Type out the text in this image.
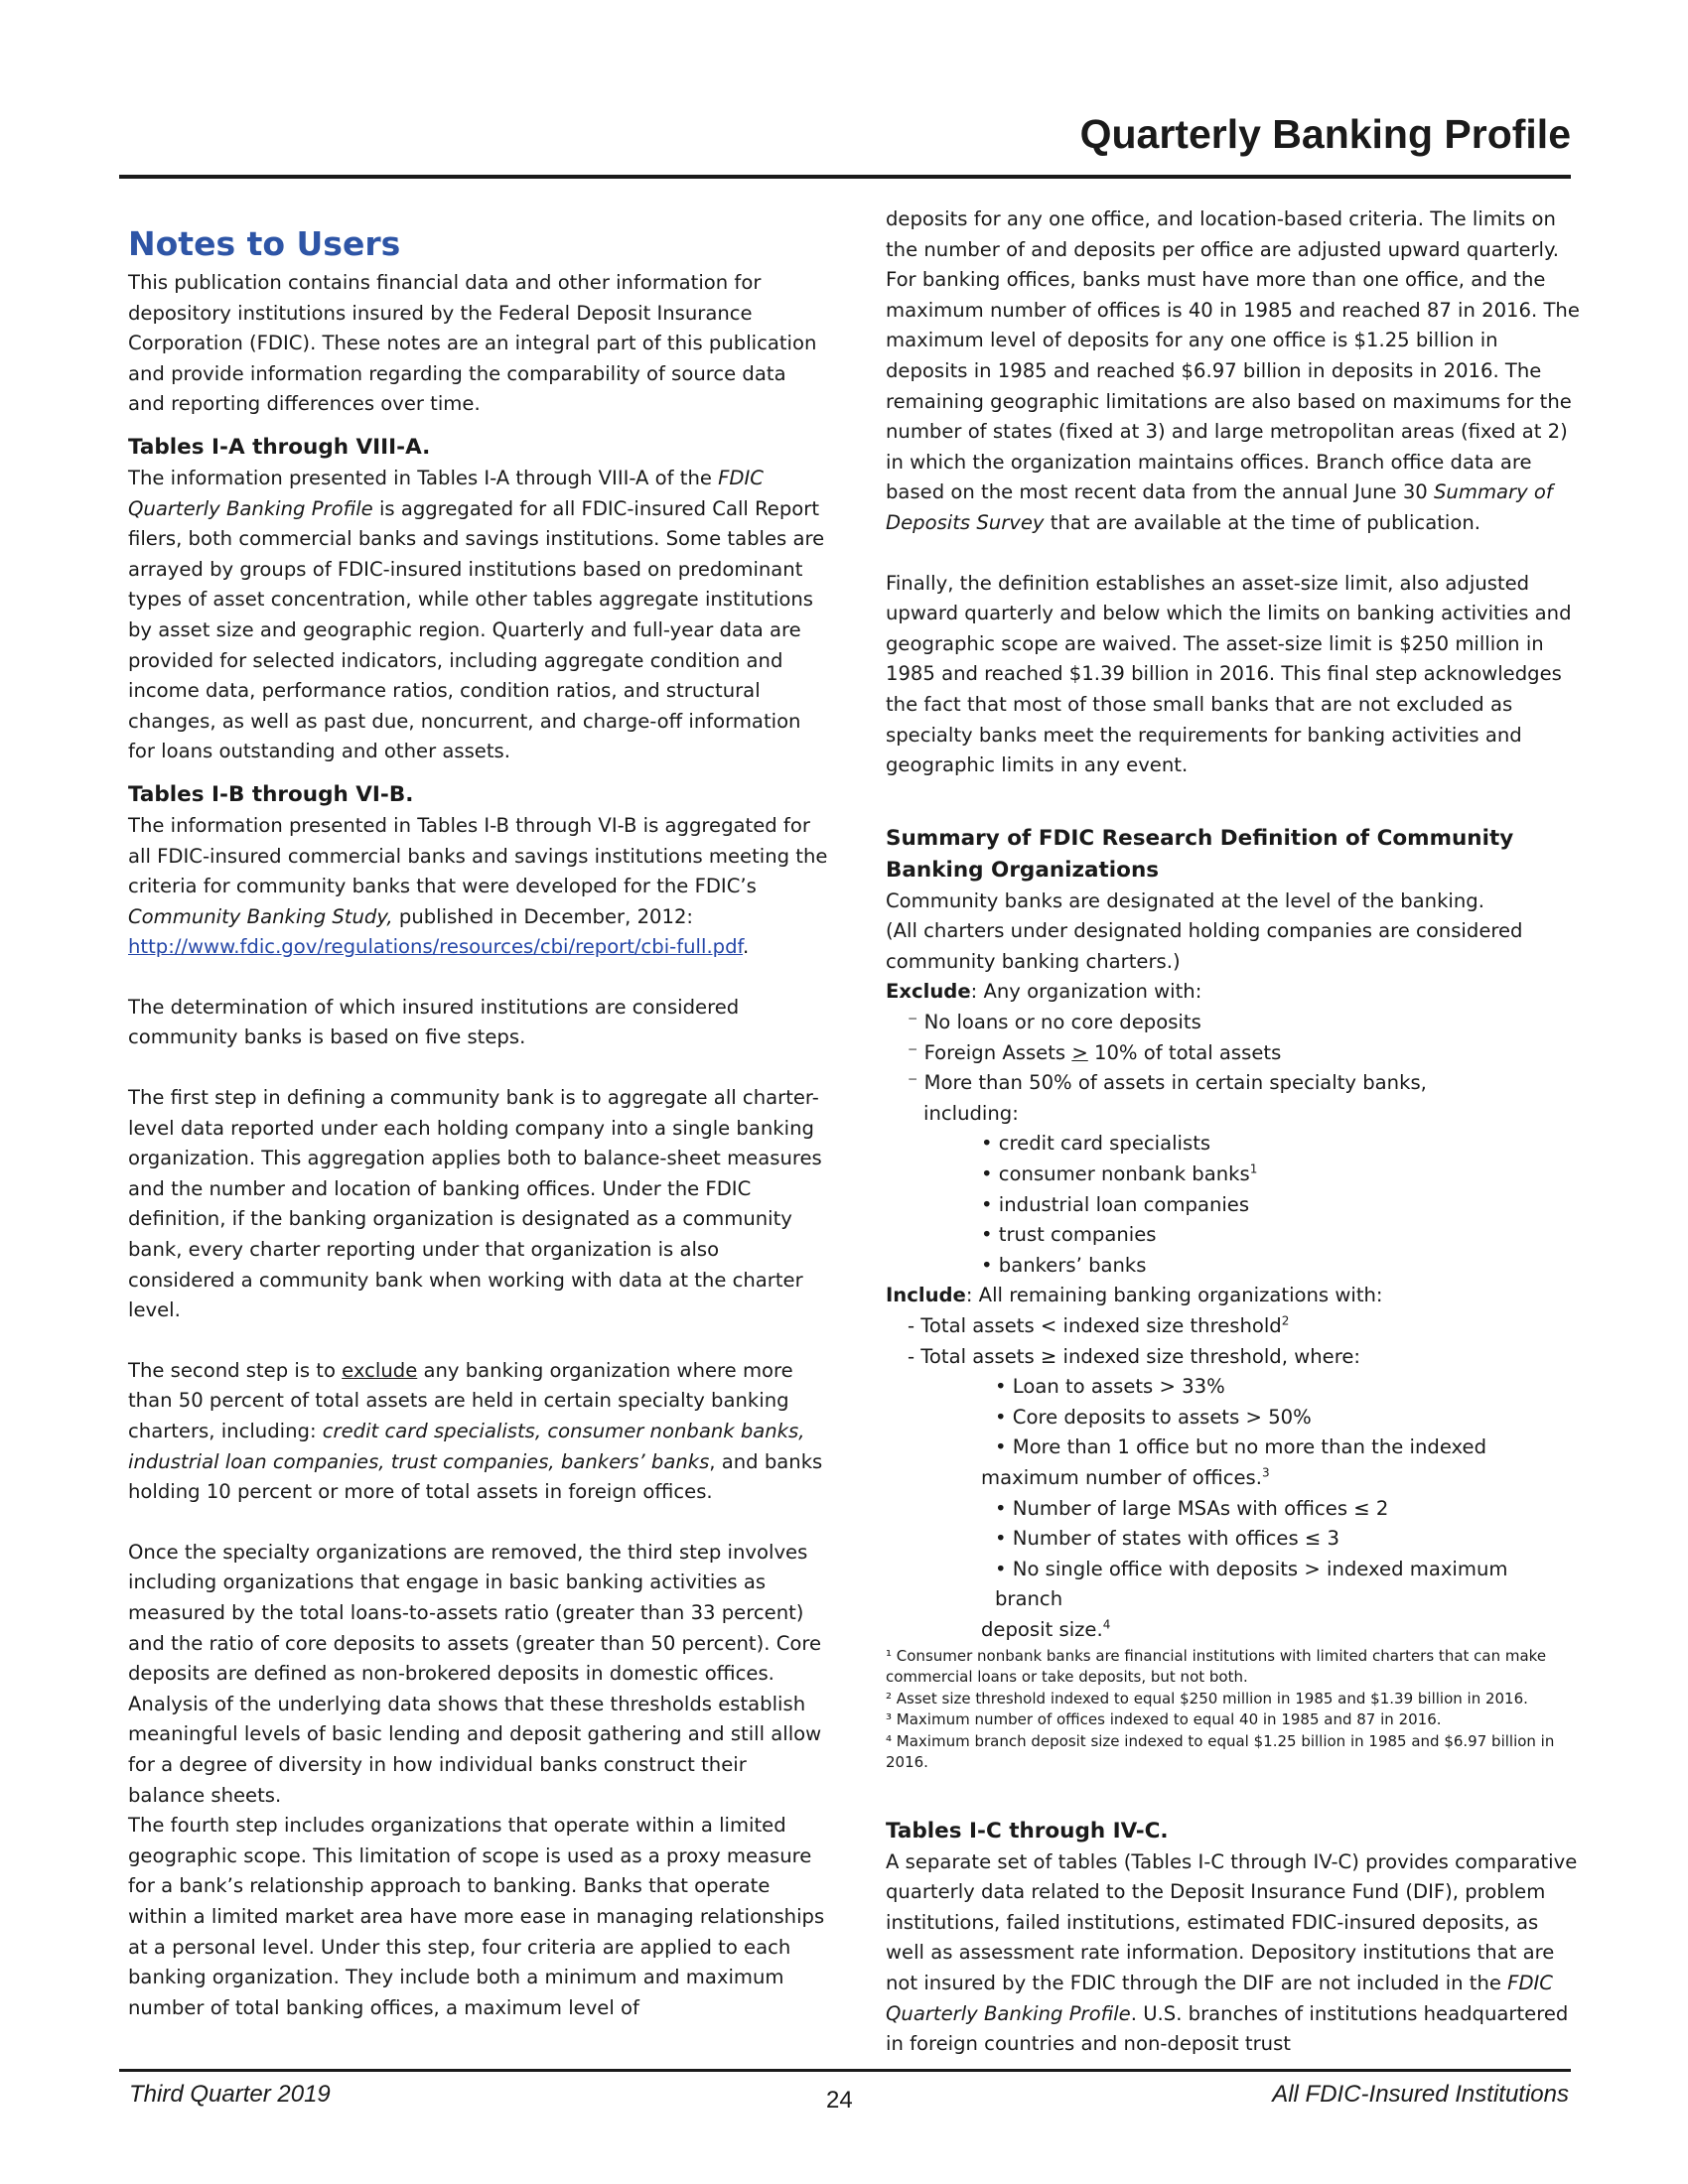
Quarterly Banking Profile
Notes to Users

This publication contains financial data and other information for depository institutions insured by the Federal Deposit Insurance Corporation (FDIC). These notes are an integral part of this publication and provide information regarding the comparability of source data and reporting differences over time.

Tables I-A through VIII-A.

The information presented in Tables I-A through VIII-A of the FDIC Quarterly Banking Profile is aggregated for all FDIC-insured Call Report filers, both commercial banks and savings institutions. Some tables are arrayed by groups of FDIC-insured institutions based on predominant types of asset concentration, while other tables aggregate institutions by asset size and geographic region. Quarterly and full-year data are provided for selected indicators, including aggregate condition and income data, performance ratios, condition ratios, and structural changes, as well as past due, noncurrent, and charge-off information for loans outstanding and other assets.

Tables I-B through VI-B.

The information presented in Tables I-B through VI-B is aggregated for all FDIC-insured commercial banks and savings institutions meeting the criteria for community banks that were developed for the FDIC’s Community Banking Study, published in December, 2012:
http://www.fdic.gov/regulations/resources/cbi/report/cbi-full.pdf.

The determination of which insured institutions are considered community banks is based on five steps.

The first step in defining a community bank is to aggregate all charter-level data reported under each holding company into a single banking organization. This aggregation applies both to balance-sheet measures and the number and location of banking offices. Under the FDIC definition, if the banking organization is designated as a community bank, every charter reporting under that organization is also considered a community bank when working with data at the charter level.

The second step is to exclude any banking organization where more than 50 percent of total assets are held in certain specialty banking charters, including: credit card specialists, consumer nonbank banks, industrial loan companies, trust companies, bankers’ banks, and banks holding 10 percent or more of total assets in foreign offices.

Once the specialty organizations are removed, the third step involves including organizations that engage in basic banking activities as measured by the total loans-to-assets ratio (greater than 33 percent) and the ratio of core deposits to assets (greater than 50 percent). Core deposits are defined as non-brokered deposits in domestic offices. Analysis of the underlying data shows that these thresholds establish meaningful levels of basic lending and deposit gathering and still allow for a degree of diversity in how individual banks construct their balance sheets.

The fourth step includes organizations that operate within a limited geographic scope. This limitation of scope is used as a proxy measure for a bank’s relationship approach to banking. Banks that operate within a limited market area have more ease in managing relationships at a personal level. Under this step, four criteria are applied to each banking organization. They include both a minimum and maximum number of total banking offices, a maximum level of

deposits for any one office, and location-based criteria. The limits on the number of and deposits per office are adjusted upward quarterly. For banking offices, banks must have more than one office, and the maximum number of offices is 40 in 1985 and reached 87 in 2016. The maximum level of deposits for any one office is $1.25 billion in deposits in 1985 and reached $6.97 billion in deposits in 2016. The remaining geographic limitations are also based on maximums for the number of states (fixed at 3) and large metropolitan areas (fixed at 2) in which the organization maintains offices. Branch office data are based on the most recent data from the annual June 30 Summary of Deposits Survey that are available at the time of publication.

Finally, the definition establishes an asset-size limit, also adjusted upward quarterly and below which the limits on banking activities and geographic scope are waived. The asset-size limit is $250 million in 1985 and reached $1.39 billion in 2016. This final step acknowledges the fact that most of those small banks that are not excluded as specialty banks meet the requirements for banking activities and geographic limits in any event.

Summary of FDIC Research Definition of Community Banking Organizations

Community banks are designated at the level of the banking.

(All charters under designated holding companies are considered community banking charters.)

Exclude: Any organization with:

⁻ No loans or no core deposits

⁻ Foreign Assets > 10% of total assets

⁻ More than 50% of assets in certain specialty banks,

including:

• credit card specialists

• consumer nonbank banks$^1$

• industrial loan companies

• trust companies

• bankers’ banks

Include: All remaining banking organizations with:

- Total assets < indexed size threshold$^2$

- Total assets ≥ indexed size threshold, where:

• Loan to assets > 33%

• Core deposits to assets > 50%

• More than 1 office but no more than the indexed

maximum number of offices.$^3$

• Number of large MSAs with offices ≤ 2

• Number of states with offices ≤ 3

• No single office with deposits > indexed maximum branch

deposit size.$^4$

¹ Consumer nonbank banks are financial institutions with limited charters that can make commercial loans or take deposits, but not both.

² Asset size threshold indexed to equal $250 million in 1985 and $1.39 billion in 2016.

³ Maximum number of offices indexed to equal 40 in 1985 and 87 in 2016.

⁴ Maximum branch deposit size indexed to equal $1.25 billion in 1985 and $6.97 billion in 2016.

Tables I-C through IV-C.

A separate set of tables (Tables I-C through IV-C) provides comparative quarterly data related to the Deposit Insurance Fund (DIF), problem institutions, failed institutions, estimated FDIC-insured deposits, as well as assessment rate information. Depository institutions that are not insured by the FDIC through the DIF are not included in the FDIC Quarterly Banking Profile. U.S. branches of institutions headquartered in foreign countries and non-deposit trust

Third Quarter 2019	24	All FDIC-Insured Institutions
